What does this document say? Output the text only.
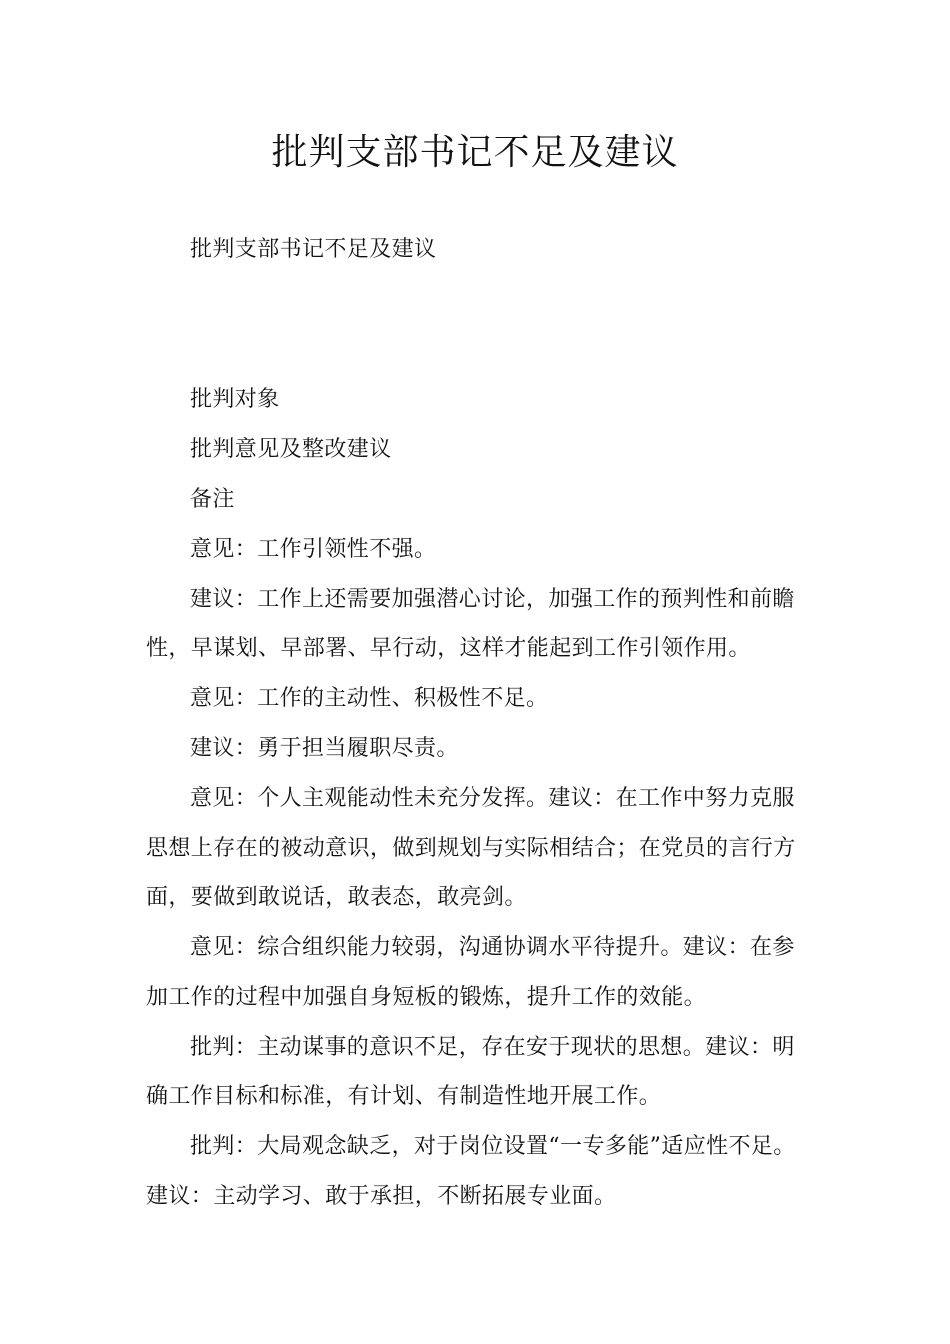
批判支部书记不足及建议
批判支部书记不足及建议
批判对象
批判意见及整改建议
备注
意见：工作引领性不强。
建议：工作上还需要加强潜心讨论，加强工作的预判性和前瞻
性，早谋划、早部署、早行动，这样才能起到工作引领作用。
意见：工作的主动性、积极性不足。
建议：勇于担当履职尽责。
意见：个人主观能动性未充分发挥。建议：在工作中努力克服
思想上存在的被动意识，做到规划与实际相结合；在党员的言行方
面，要做到敢说话，敢表态，敢亮剑。
意见：综合组织能力较弱，沟通协调水平待提升。建议：在参
加工作的过程中加强自身短板的锻炼，提升工作的效能。
批判：主动谋事的意识不足，存在安于现状的思想。建议：明
确工作目标和标准，有计划、有制造性地开展工作。
批判：大局观念缺乏，对于岗位设置“一专多能”适应性不足。
建议：主动学习、敢于承担，不断拓展专业面。
